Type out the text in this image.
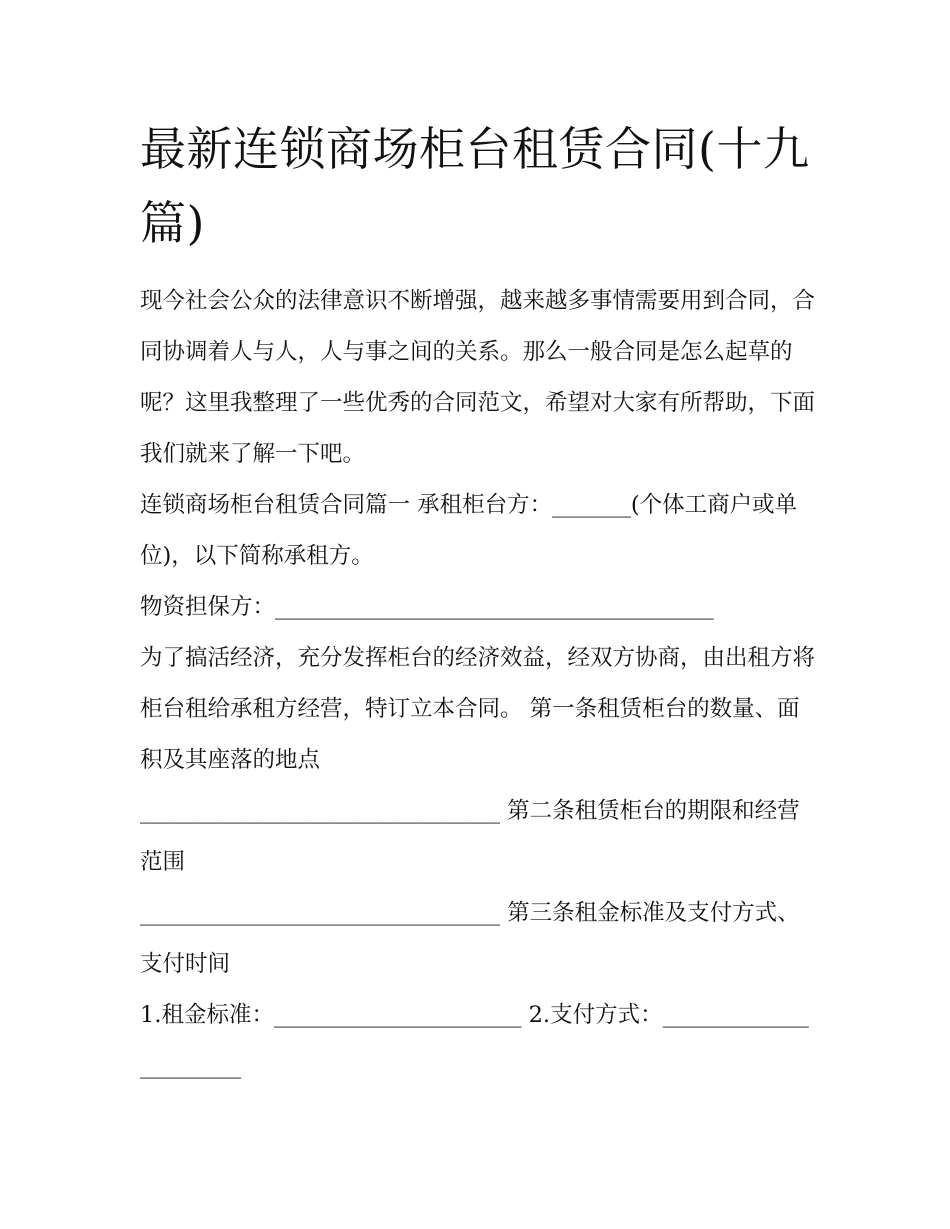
最新连锁商场柜台租赁合同(十九篇)

现今社会公众的法律意识不断增强，越来越多事情需要用到合同，合同协调着人与人，人与事之间的关系。那么一般合同是怎么起草的呢？这里我整理了一些优秀的合同范文，希望对大家有所帮助，下面我们就来了解一下吧。

连锁商场柜台租赁合同篇一 承租柜台方：_______(个体工商户或单位)，以下简称承租方。

物资担保方：_______________________________________

为了搞活经济，充分发挥柜台的经济效益，经双方协商，由出租方将柜台租给承租方经营，特订立本合同。 第一条租赁柜台的数量、面积及其座落的地点

________________________________ 第二条租赁柜台的期限和经营范围

________________________________ 第三条租金标准及支付方式、支付时间

1.租金标准：______________________ 2.支付方式：______________________
